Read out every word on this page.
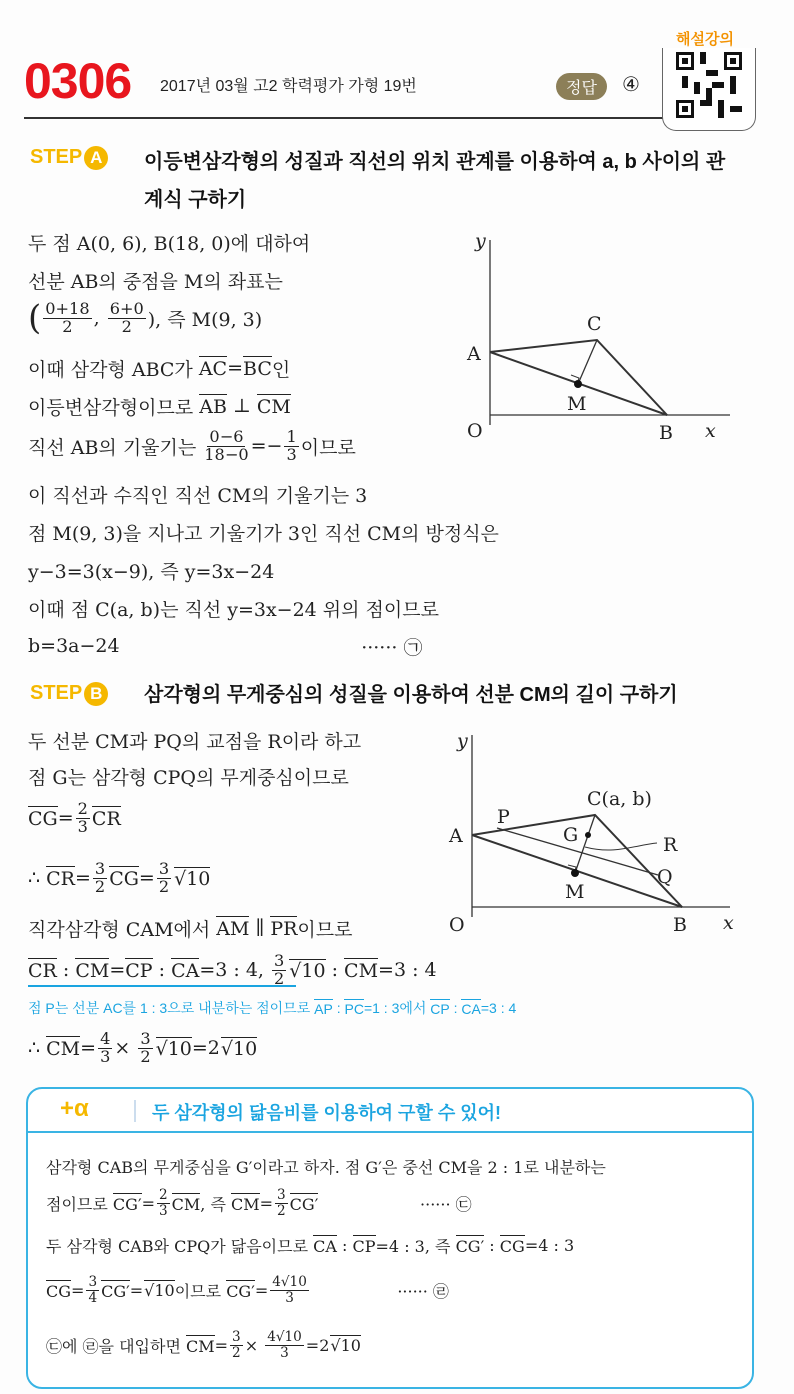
0306 2017년 03월 고2 학력평가 가형 19번	정답	④
해설강의
STEP A 이등변삼각형의 성질과 직선의 위치 관계를 이용하여 a, b 사이의 관계식 구하기
y
A
C
M
O	B x
STEP B 삼각형의 무게중심의 성질을 이용하여 선분 CM의 길이 구하기
y
C(a, b)
P
A	G	R
Q
M
O	B x
+α	두 삼각형의 닮음비를 이용하여 구할 수 있어!
두 점 A(0, 6), B(18, 0)에 대하여
선분 AB의 중점을 M의 좌표는
( $\frac{0+18}{2}$ , $\frac{6+0}{2}$ ), 즉 M(9, 3)
이때 삼각형 ABC가 AC = BC 인
이등변삼각형이므로 AB ⊥ CM
직선 AB의 기울기는 $\frac{0-6}{18-0} =- \frac{1}{3}$ 이므로
이 직선과 수직인 직선 CM의 기울기는 3
점 M(9, 3)을 지나고 기울기가 3인 직선 CM의 방정식은
y−3=3(x−9), 즉 y=3x−24
이때 점 C(a, b)는 직선 y=3x−24 위의 점이므로
b=3a−24 ······ ㉠
두 선분 CM과 PQ의 교점을 R이라 하고
점 G는 삼각형 CPQ의 무게중심이므로
CG = $\frac{2}{3}$ CR
∴ CR = $\frac{3}{2}$ CG = $\frac{3}{2}$ √ 10
직각삼각형 CAM에서 AM ∥ PR 이므로
CR : CM = CP : CA =3 : 4, $\frac{3}{2}$ √ 10 : CM =3 : 4
점 P는 선분 AC를 1 : 3으로 내분하는 점이므로 AP : PC =1 : 3에서 CP : CA =3 : 4
∴ CM = $\frac{4}{3} \times \frac{3}{2}$ √ 10 =2 √ 10
삼각형 CAB의 무게중심을 G′이라고 하자. 점 G′은 중선 CM을 2 : 1로 내분하는
점이므로 $CG' = \frac{2}{3}$ CM , 즉 CM = $\frac{3}{2} CG'$ ······ ㉢
두 삼각형 CAB와 CPQ가 닮음이므로 CA : CP =4 : 3, 즉 CG′ : CG =4 : 3
CG = $\frac{3}{4} CG'$ = √ 10 이므로 $CG' = \frac{4√10}{3}$ ······ ㉣
㉢에 ㉣을 대입하면 CM = $\frac{3}{2} \times \frac{4√10}{3} =2$ √ 10
